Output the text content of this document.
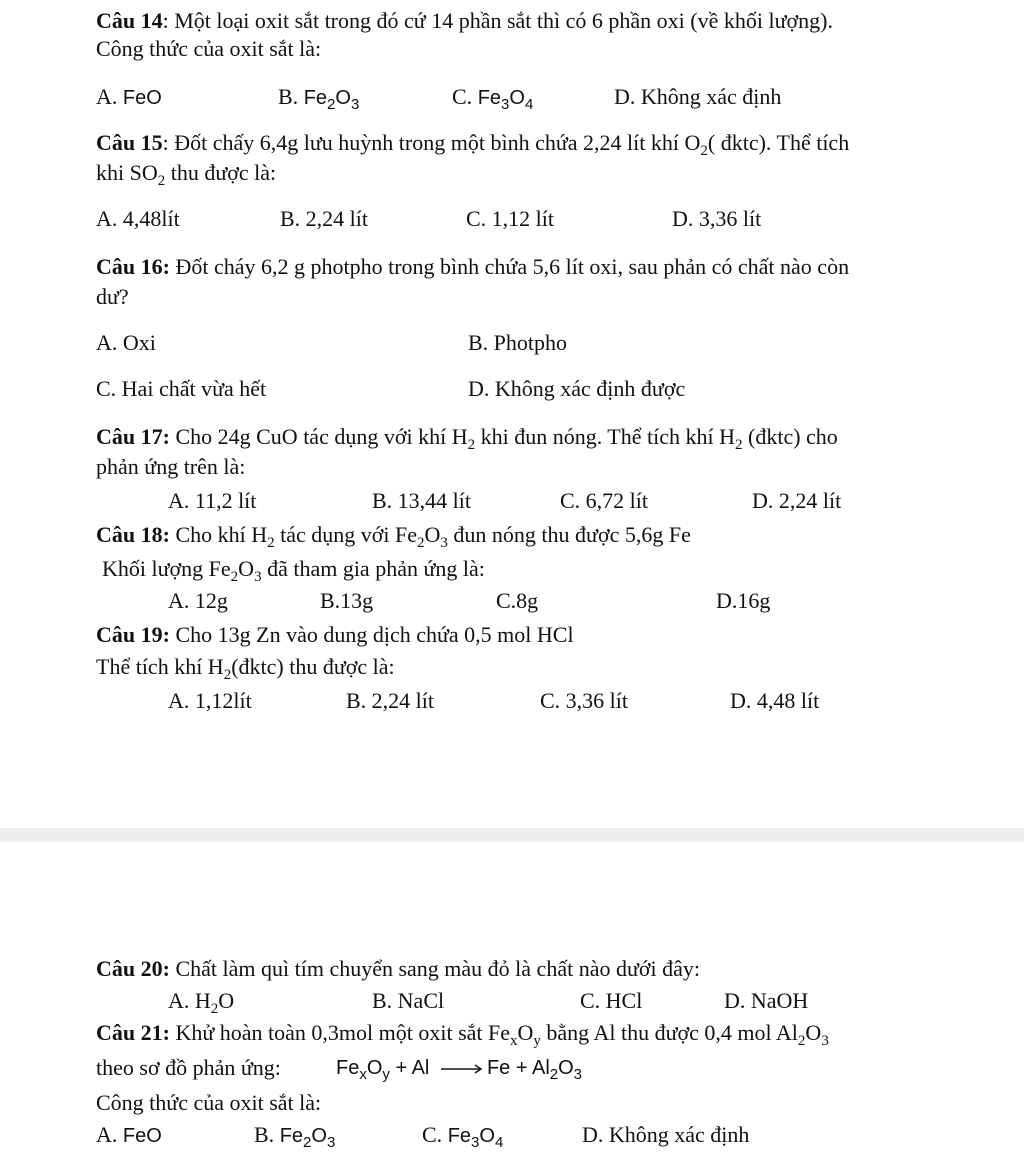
Câu 14: Một loại oxit sắt trong đó cứ 14 phần sắt thì có 6 phần oxi (về khối lượng).
Công thức của oxit sắt là:
A. FeO	B. $Fe_2O_3$	C. $Fe_3O_4$	D. Không xác định
Câu 15: Đốt chấy 6,4g lưu huỳnh trong một bình chứa 2,24 lít khí $O_2$( đktc). Thể tích
khi $SO_2$ thu được là:
A. 4,48lít	B. 2,24 lít	C. 1,12 lít	D. 3,36 lít
Câu 16: Đốt cháy 6,2 g photpho trong bình chứa 5,6 lít oxi, sau phản có chất nào còn
dư?
A. Oxi	B. Photpho
C. Hai chất vừa hết	D. Không xác định được
Câu 17: Cho 24g CuO tác dụng với khí $H_2$ khi đun nóng. Thể tích khí $H_2$ (đktc) cho
phản ứng trên là:
A. 11,2 lít	B. 13,44 lít	C. 6,72 lít	D. 2,24 lít
Câu 18: Cho khí $H_2$ tác dụng với $Fe_2O_3$ đun nóng thu được 5,6g Fe
Khối lượng $Fe_2O_3$ đã tham gia phản ứng là:
A. 12g	B.13g	C.8g	D.16g
Câu 19: Cho 13g Zn vào dung dịch chứa 0,5 mol HCl
Thể tích khí $H_2(đktc)$ thu được là:
A. 1,12lít	B. 2,24 lít	C. 3,36 lít	D. 4,48 lít
Câu 20: Chất làm quì tím chuyển sang màu đỏ là chất nào dưới đây:
A. $H_2O$	B. NaCl	C. HCl	D. NaOH
Câu 21: Khử hoàn toàn 0,3mol một oxit sắt $Fe_xO_y$ bằng Al thu được 0,4 mol $Al_2O_3$
theo sơ đồ phản ứng:	$Fe_xO_y + Al \to Fe + Al_2O_3$
Công thức của oxit sắt là:
A. FeO	B. $Fe_2O_3$	C. $Fe_3O_4$	D. Không xác định
